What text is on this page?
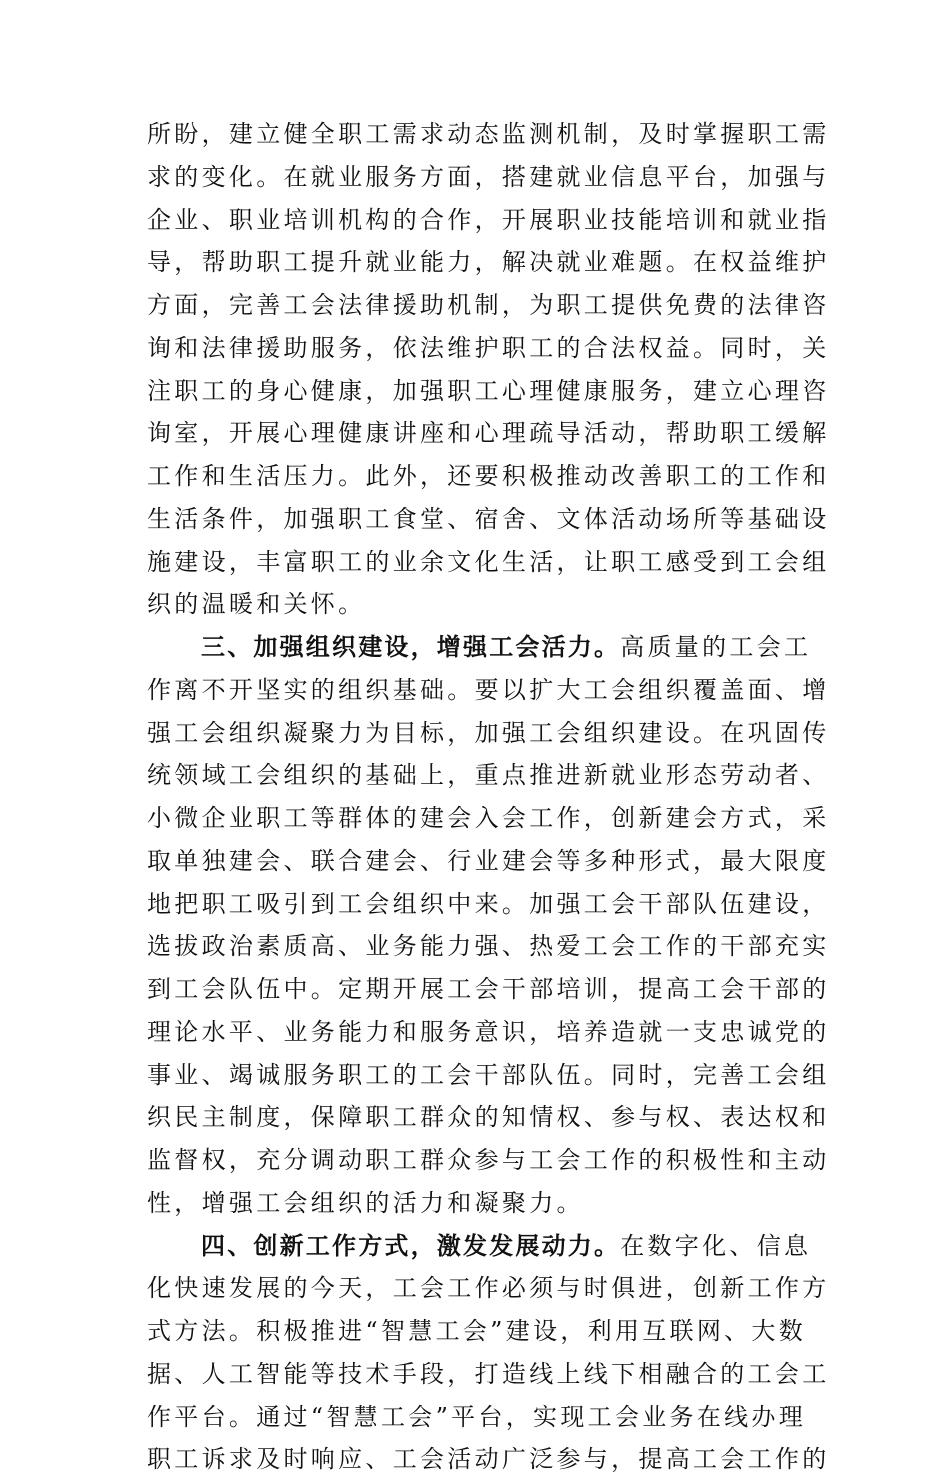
所盼，建立健全职工需求动态监测机制，及时掌握职工需
求的变化。在就业服务方面，搭建就业信息平台，加强与
企业、职业培训机构的合作，开展职业技能培训和就业指
导，帮助职工提升就业能力，解决就业难题。在权益维护
方面，完善工会法律援助机制，为职工提供免费的法律咨
询和法律援助服务，依法维护职工的合法权益。同时，关
注职工的身心健康，加强职工心理健康服务，建立心理咨
询室，开展心理健康讲座和心理疏导活动，帮助职工缓解
工作和生活压力。此外，还要积极推动改善职工的工作和
生活条件，加强职工食堂、宿舍、文体活动场所等基础设
施建设，丰富职工的业余文化生活，让职工感受到工会组
织的温暖和关怀。
三、加强组织建设，增强工会活力。高质量的工会工
作离不开坚实的组织基础。要以扩大工会组织覆盖面、增
强工会组织凝聚力为目标，加强工会组织建设。在巩固传
统领域工会组织的基础上，重点推进新就业形态劳动者、
小微企业职工等群体的建会入会工作，创新建会方式，采
取单独建会、联合建会、行业建会等多种形式，最大限度
地把职工吸引到工会组织中来。加强工会干部队伍建设，
选拔政治素质高、业务能力强、热爱工会工作的干部充实
到工会队伍中。定期开展工会干部培训，提高工会干部的
理论水平、业务能力和服务意识，培养造就一支忠诚党的
事业、竭诚服务职工的工会干部队伍。同时，完善工会组
织民主制度，保障职工群众的知情权、参与权、表达权和
监督权，充分调动职工群众参与工会工作的积极性和主动
性，增强工会组织的活力和凝聚力。
四、创新工作方式，激发发展动力。在数字化、信息
化快速发展的今天，工会工作必须与时俱进，创新工作方
式方法。积极推进“智慧工会”建设，利用互联网、大数
据、人工智能等技术手段，打造线上线下相融合的工会工
作平台。通过“智慧工会”平台，实现工会业务在线办理
职工诉求及时响应、工会活动广泛参与，提高工会工作的
